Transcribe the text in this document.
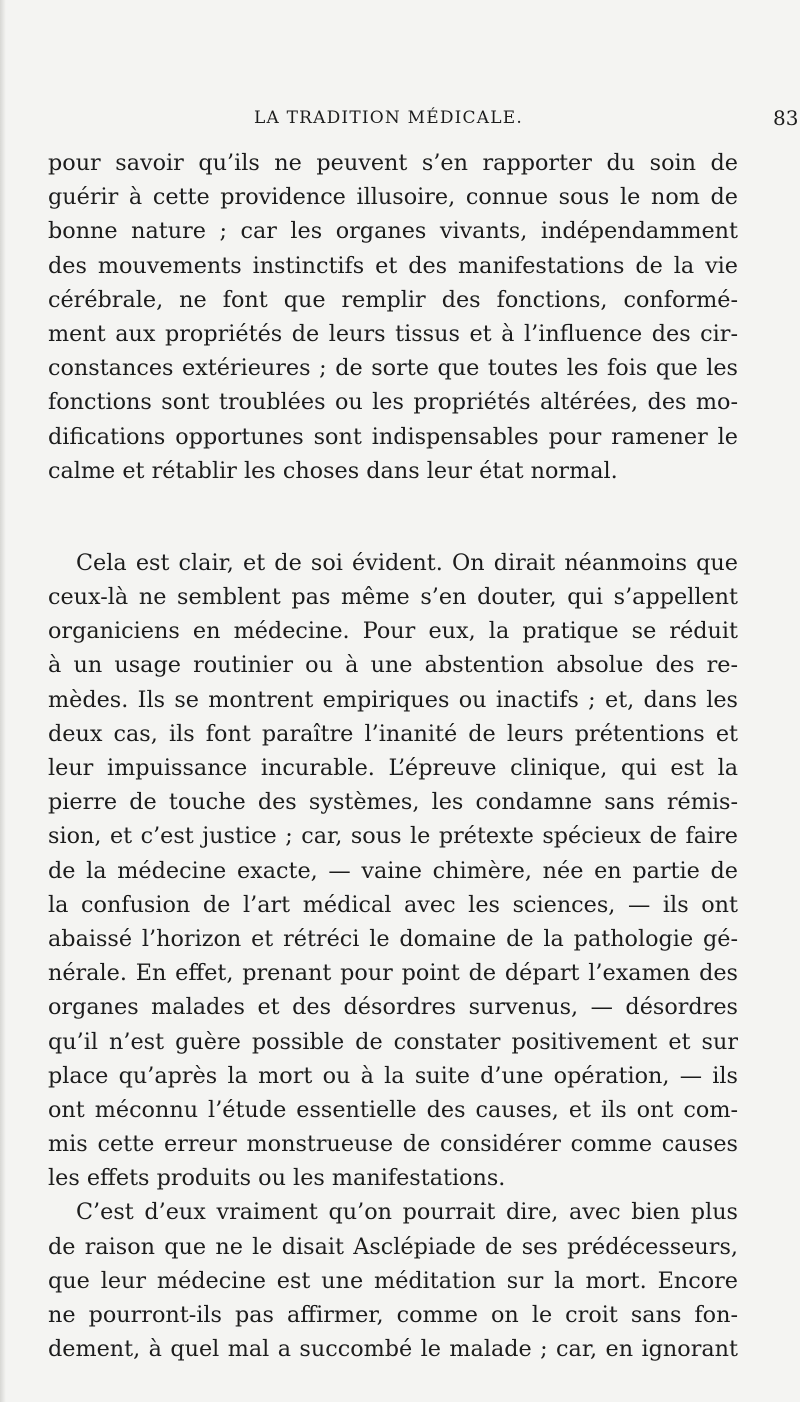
LA TRADITION MÉDICALE.	83
pour savoir qu’ils ne peuvent s’en rapporter du soin de
guérir à cette providence illusoire, connue sous le nom de
bonne nature ; car les organes vivants, indépendamment
des mouvements instinctifs et des manifestations de la vie
cérébrale, ne font que remplir des fonctions, conformé-
ment aux propriétés de leurs tissus et à l’influence des cir-
constances extérieures ; de sorte que toutes les fois que les
fonctions sont troublées ou les propriétés altérées, des mo-
difications opportunes sont indispensables pour ramener le
calme et rétablir les choses dans leur état normal.
Cela est clair, et de soi évident. On dirait néanmoins que
ceux-là ne semblent pas même s’en douter, qui s’appellent
organiciens en médecine. Pour eux, la pratique se réduit
à un usage routinier ou à une abstention absolue des re-
mèdes. Ils se montrent empiriques ou inactifs ; et, dans les
deux cas, ils font paraître l’inanité de leurs prétentions et
leur impuissance incurable. L’épreuve clinique, qui est la
pierre de touche des systèmes, les condamne sans rémis-
sion, et c’est justice ; car, sous le prétexte spécieux de faire
de la médecine exacte, — vaine chimère, née en partie de
la confusion de l’art médical avec les sciences, — ils ont
abaissé l’horizon et rétréci le domaine de la pathologie gé-
nérale. En effet, prenant pour point de départ l’examen des
organes malades et des désordres survenus, — désordres
qu’il n’est guère possible de constater positivement et sur
place qu’après la mort ou à la suite d’une opération, — ils
ont méconnu l’étude essentielle des causes, et ils ont com-
mis cette erreur monstrueuse de considérer comme causes
les effets produits ou les manifestations.
C’est d’eux vraiment qu’on pourrait dire, avec bien plus
de raison que ne le disait Asclépiade de ses prédécesseurs,
que leur médecine est une méditation sur la mort. Encore
ne pourront-ils pas affirmer, comme on le croit sans fon-
dement, à quel mal a succombé le malade ; car, en ignorant
